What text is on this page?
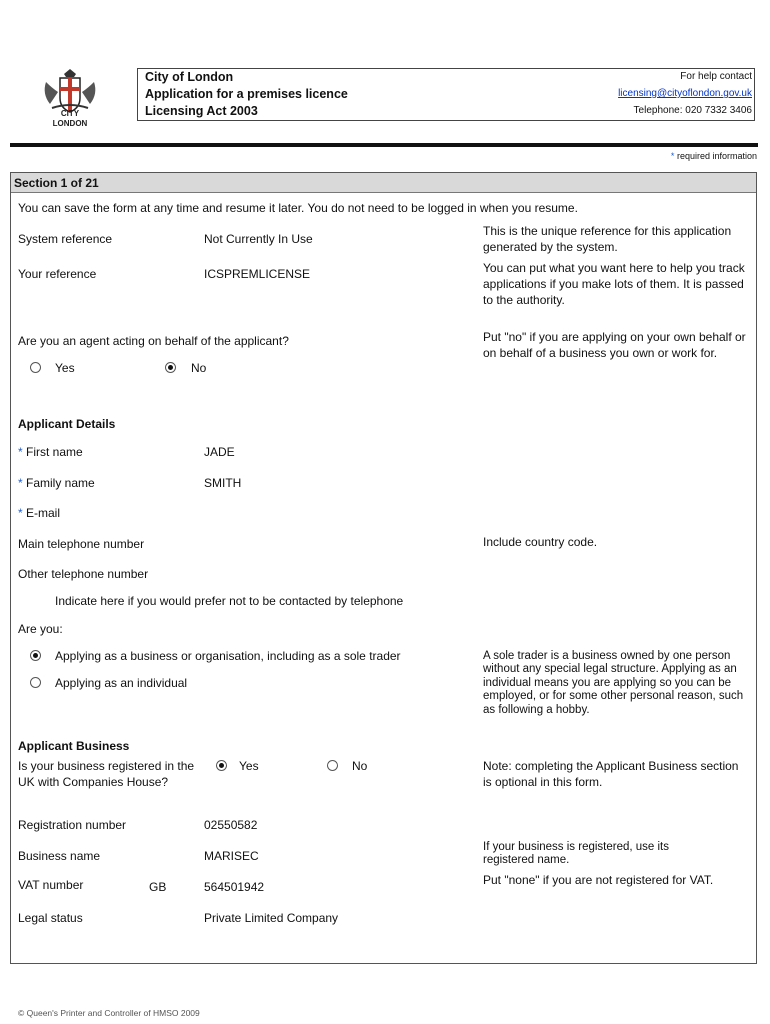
CITY
LONDON
City of London
Application for a premises licence
Licensing Act 2003
For help contact
licensing@cityoflondon.gov.uk
Telephone: 020 7332 3406
* required information
Section 1 of 21
You can save the form at any time and resume it later. You do not need to be logged in when you resume.
System reference	Not Currently In Use
This is the unique reference for this application generated by the system.
Your reference	ICSPREMLICENSE	You can put what you want here to help you track applications if you make lots of them. It is passed to the authority.
Are you an agent acting on behalf of the applicant?	Put "no" if you are applying on your own behalf or on behalf of a business you own or work for.
Yes	No
Applicant Details
* First name	JADE
* Family name	SMITH
* E-mail
Main telephone number	Include country code.
Other telephone number
Indicate here if you would prefer not to be contacted by telephone
Are you:
Applying as a business or organisation, including as a sole trader
Applying as an individual
A sole trader is a business owned by one person without any special legal structure. Applying as an individual means you are applying so you can be employed, or for some other personal reason, such as following a hobby.
Applicant Business
Is your business registered in the UK with Companies House?
Yes	No	Note: completing the Applicant Business section is optional in this form.
Registration number	02550582
Business name	MARISEC
If your business is registered, use its registered name.
VAT number	GB	564501942	Put "none" if you are not registered for VAT.
Legal status	Private Limited Company
© Queen's Printer and Controller of HMSO 2009
